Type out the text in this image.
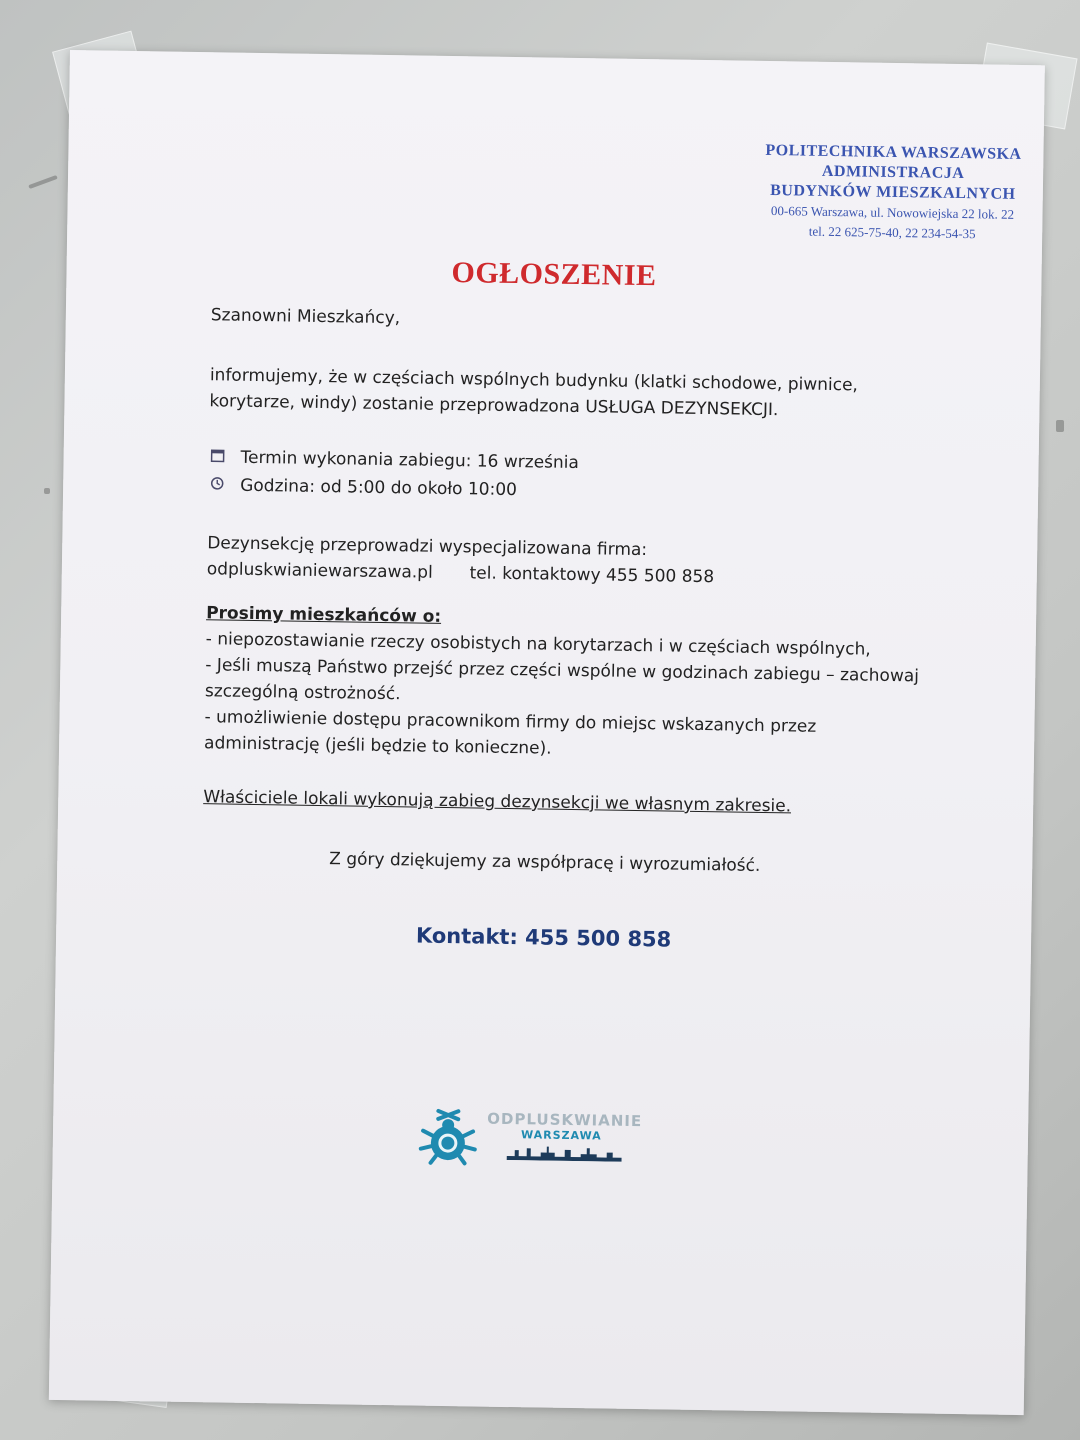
POLITECHNIKA WARSZAWSKA
ADMINISTRACJA
BUDYNKÓW MIESZKALNYCH
00-665 Warszawa, ul. Nowowiejska 22 lok. 22
tel. 22 625-75-40, 22 234-54-35
OGŁOSZENIE
Szanowni Mieszkańcy,
informujemy, że w częściach wspólnych budynku (klatki schodowe, piwnice,
korytarze, windy) zostanie przeprowadzona USŁUGA DEZYNSEKCJI.
Termin wykonania zabiegu: 16 września
Godzina: od 5:00 do około 10:00
Dezynsekcję przeprowadzi wyspecjalizowana firma:
odpluskwianiewarszawa.pl tel. kontaktowy 455 500 858
Prosimy mieszkańców o:
- niepozostawianie rzeczy osobistych na korytarzach i w częściach wspólnych,
- Jeśli muszą Państwo przejść przez części wspólne w godzinach zabiegu – zachowaj
szczególną ostrożność.
- umożliwienie dostępu pracownikom firmy do miejsc wskazanych przez
administrację (jeśli będzie to konieczne).
Właściciele lokali wykonują zabieg dezynsekcji we własnym zakresie.
Z góry dziękujemy za współpracę i wyrozumiałość.
Kontakt: 455 500 858
ODPLUSKWIANIE
WARSZAWA
